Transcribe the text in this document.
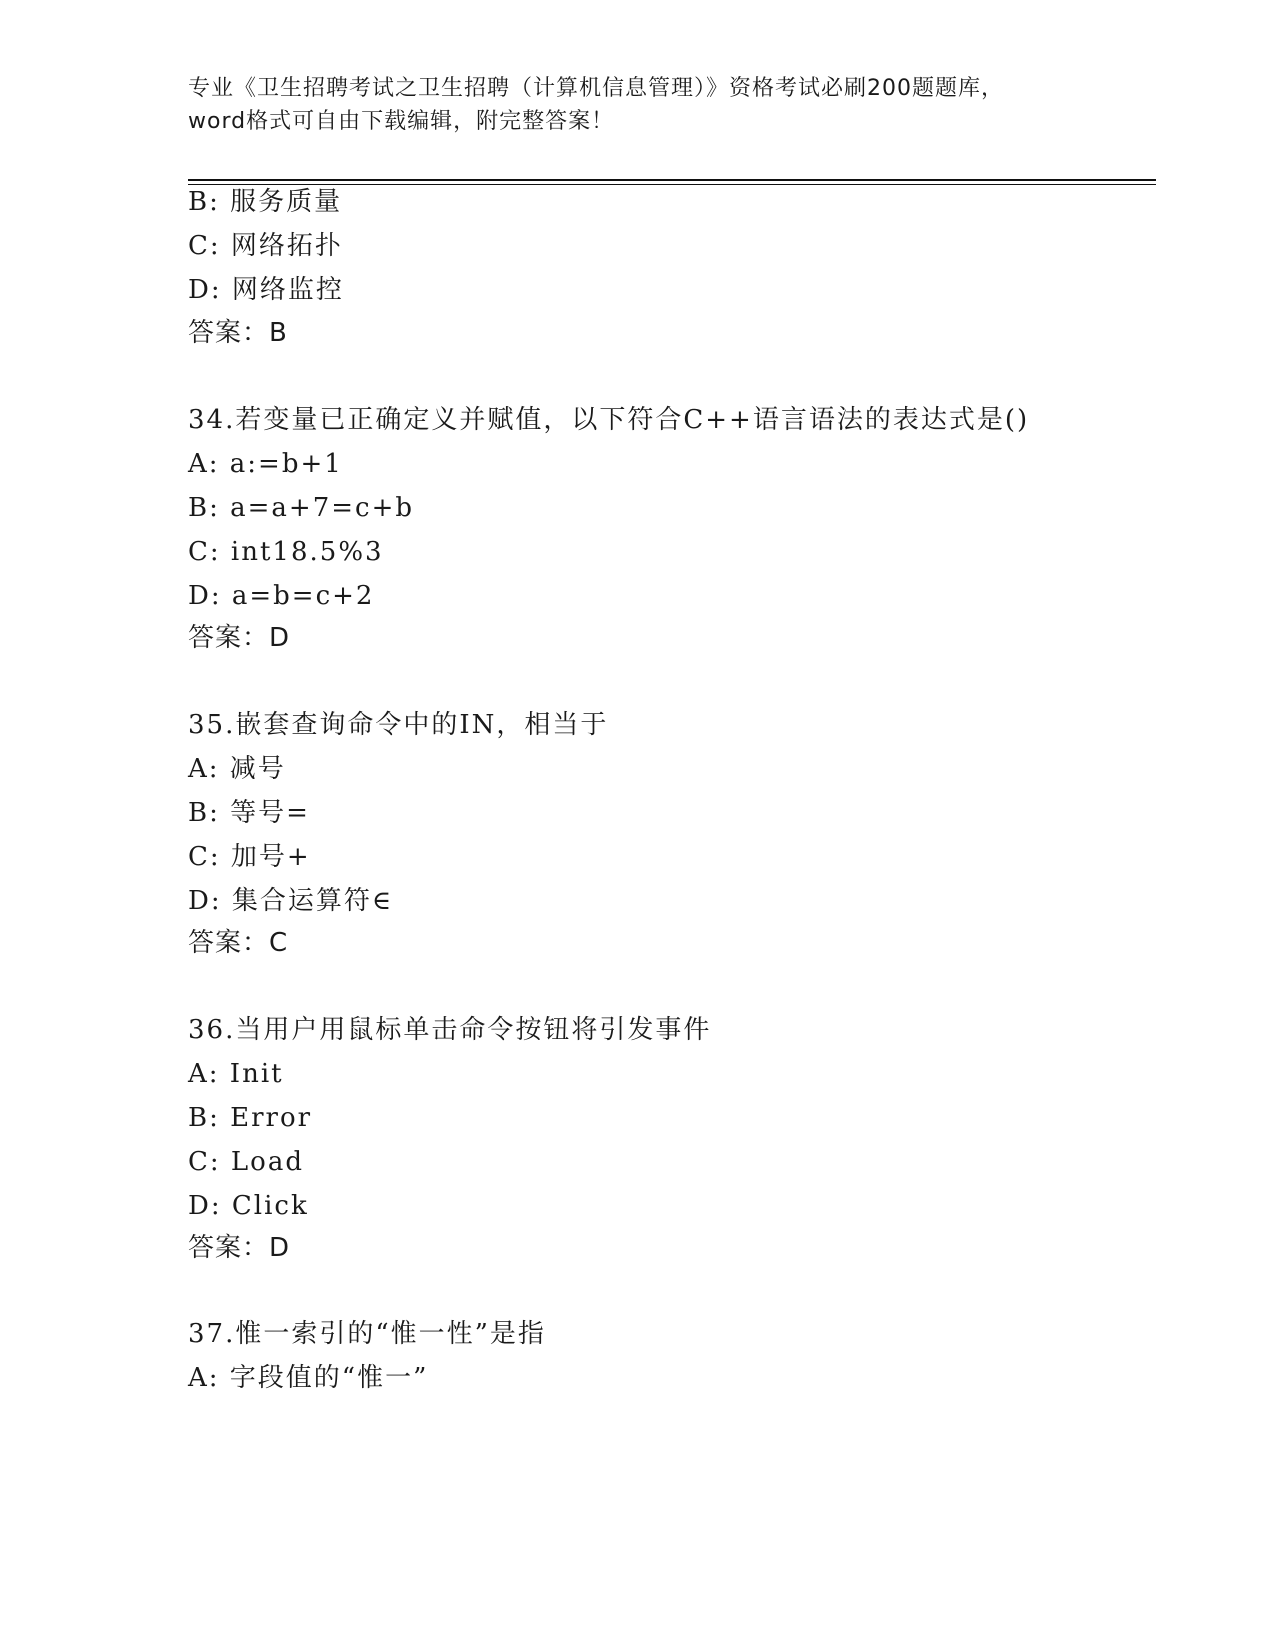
专业《卫生招聘考试之卫生招聘（计算机信息管理）》资格考试必刷200题题库，
word格式可自由下载编辑，附完整答案！
B: 服务质量
C: 网络拓扑
D: 网络监控
答案：B
34.若变量已正确定义并赋值，以下符合C++语言语法的表达式是()
A: a:=b+1
B: a=a+7=c+b
C: int18.5%3
D: a=b=c+2
答案：D
35.嵌套查询命令中的IN，相当于
A: 减号
B: 等号=
C: 加号+
D: 集合运算符∈
答案：C
36.当用户用鼠标单击命令按钮将引发事件
A: Init
B: Error
C: Load
D: Click
答案：D
37.惟一索引的“惟一性”是指
A: 字段值的“惟一”
